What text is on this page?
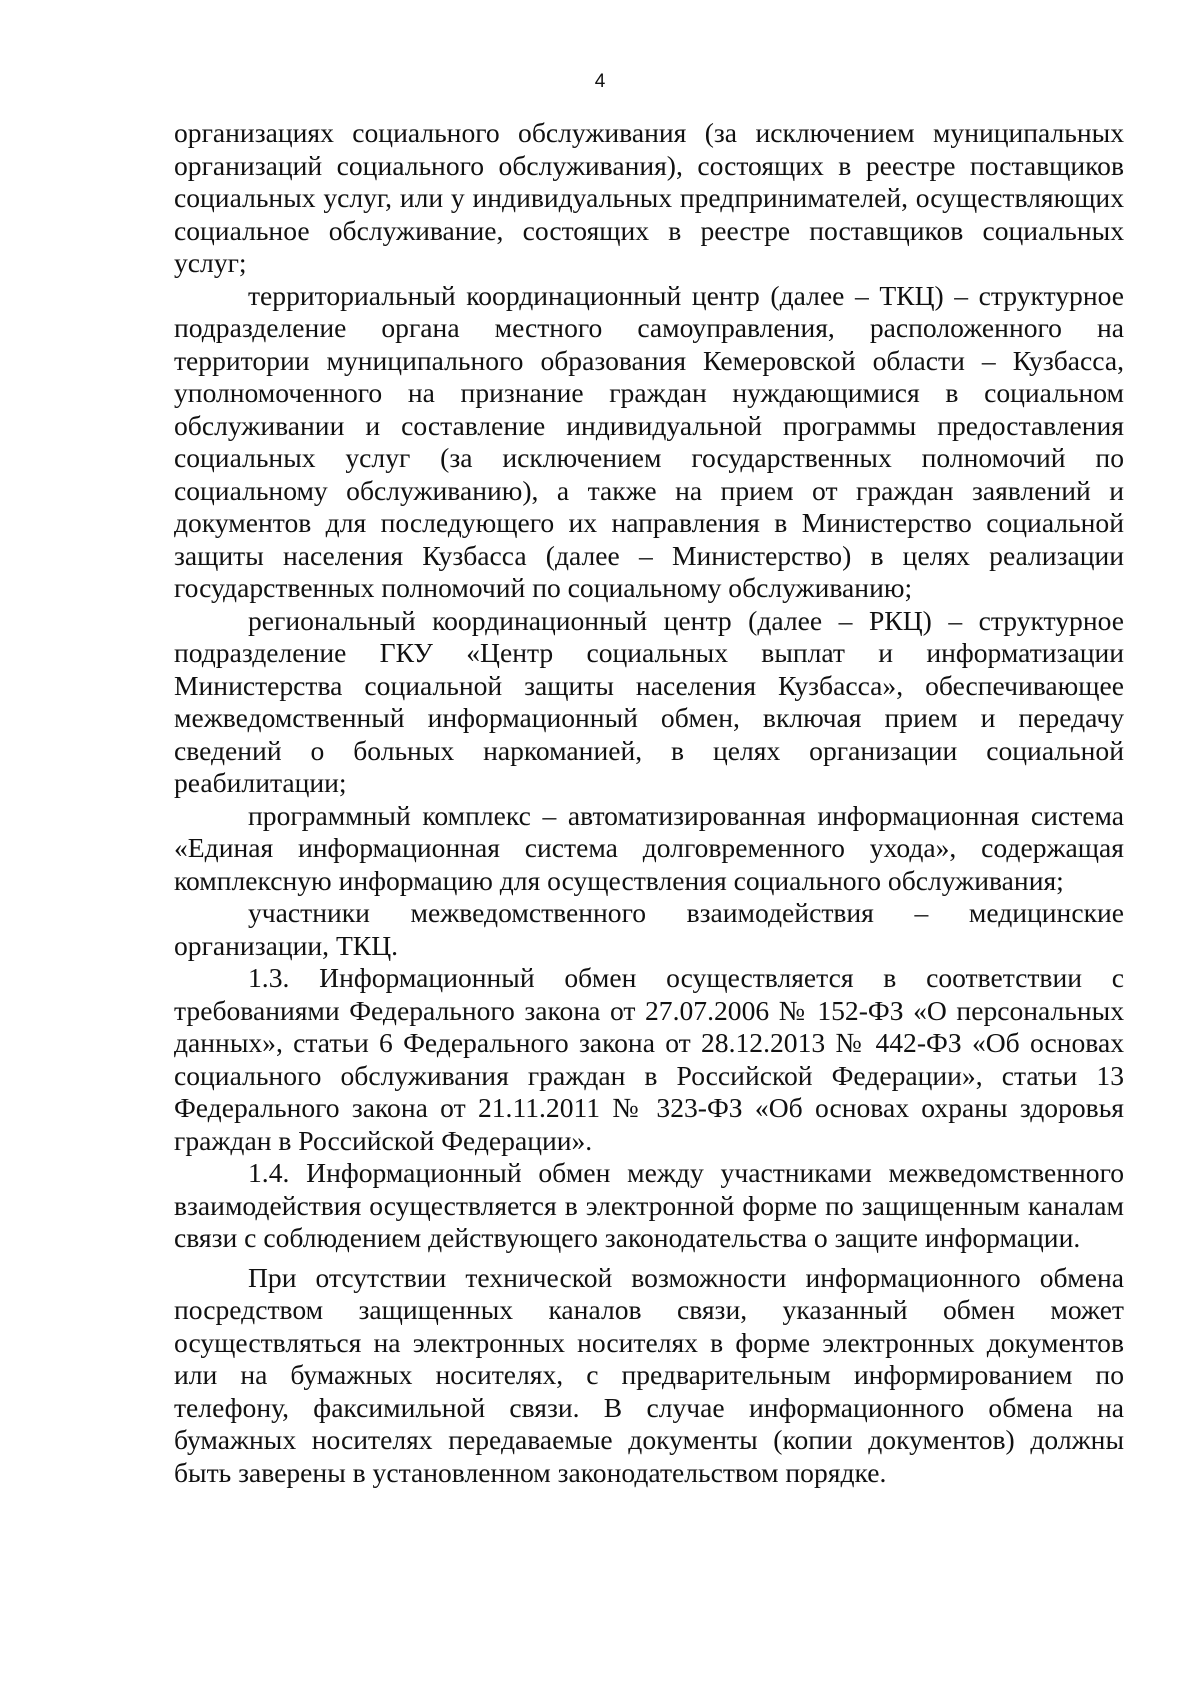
4

организациях социального обслуживания (за исключением муниципальных организаций социального обслуживания), состоящих в реестре поставщиков социальных услуг, или у индивидуальных предпринимателей, осуществляющих социальное обслуживание, состоящих в реестре поставщиков социальных услуг;

территориальный координационный центр (далее – ТКЦ) – структурное подразделение органа местного самоуправления, расположенного на территории муниципального образования Кемеровской области – Кузбасса, уполномоченного на признание граждан нуждающимися в социальном обслуживании и составление индивидуальной программы предоставления социальных услуг (за исключением государственных полномочий по социальному обслуживанию), а также на прием от граждан заявлений и документов для последующего их направления в Министерство социальной защиты населения Кузбасса (далее – Министерство) в целях реализации государственных полномочий по социальному обслуживанию;

региональный координационный центр (далее – РКЦ) – структурное подразделение ГКУ «Центр социальных выплат и информатизации Министерства социальной защиты населения Кузбасса», обеспечивающее межведомственный информационный обмен, включая прием и передачу сведений о больных наркоманией, в целях организации социальной реабилитации;

программный комплекс – автоматизированная информационная система «Единая информационная система долговременного ухода», содержащая комплексную информацию для осуществления социального обслуживания;

участники межведомственного взаимодействия – медицинские организации, ТКЦ.

1.3. Информационный обмен осуществляется в соответствии с требованиями Федерального закона от 27.07.2006 № 152-ФЗ «О персональных данных», статьи 6 Федерального закона от 28.12.2013 № 442-ФЗ «Об основах социального обслуживания граждан в Российской Федерации», статьи 13 Федерального закона от 21.11.2011 № 323-ФЗ «Об основах охраны здоровья граждан в Российской Федерации».

1.4. Информационный обмен между участниками межведомственного взаимодействия осуществляется в электронной форме по защищенным каналам связи с соблюдением действующего законодательства о защите информации.

При отсутствии технической возможности информационного обмена посредством защищенных каналов связи, указанный обмен может осуществляться на электронных носителях в форме электронных документов или на бумажных носителях, с предварительным информированием по телефону, факсимильной связи. В случае информационного обмена на бумажных носителях передаваемые документы (копии документов) должны быть заверены в установленном законодательством порядке.
